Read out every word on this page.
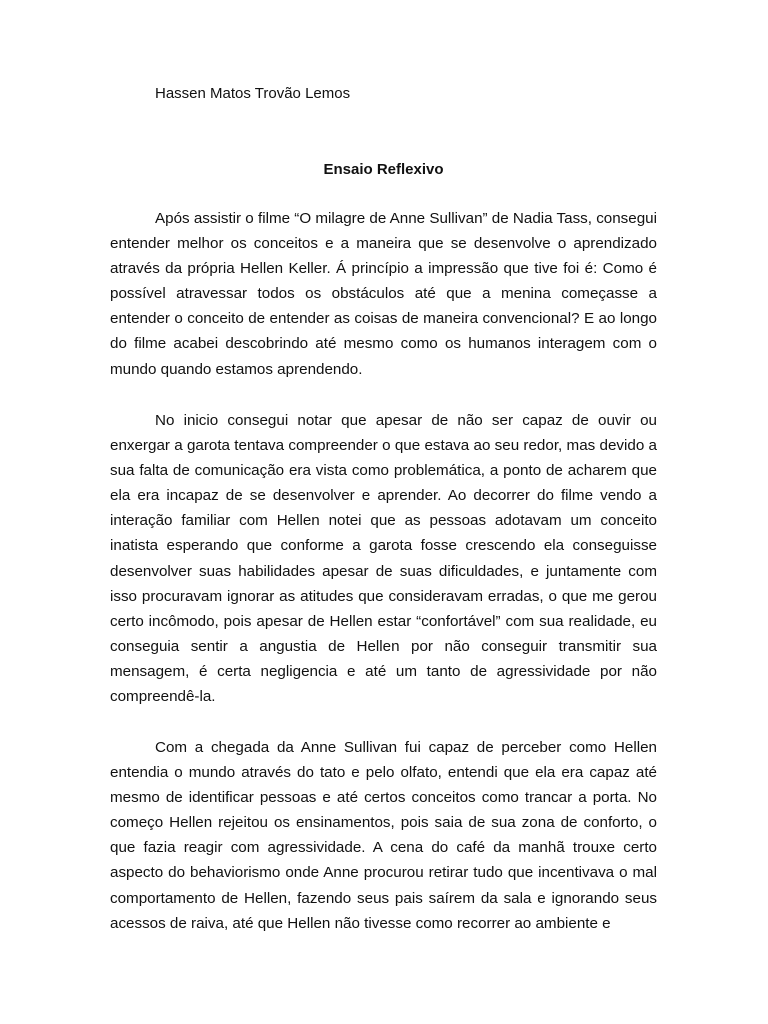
Hassen Matos Trovão Lemos
Ensaio Reflexivo

Após assistir o filme “O milagre de Anne Sullivan” de Nadia Tass, consegui entender melhor os conceitos e a maneira que se desenvolve o aprendizado através da própria Hellen Keller. Á princípio a impressão que tive foi é: Como é possível atravessar todos os obstáculos até que a menina começasse a entender o conceito de entender as coisas de maneira convencional? E ao longo do filme acabei descobrindo até mesmo como os humanos interagem com o mundo quando estamos aprendendo.

No inicio consegui notar que apesar de não ser capaz de ouvir ou enxergar a garota tentava compreender o que estava ao seu redor, mas devido a sua falta de comunicação era vista como problemática, a ponto de acharem que ela era incapaz de se desenvolver e aprender. Ao decorrer do filme vendo a interação familiar com Hellen notei que as pessoas adotavam um conceito inatista esperando que conforme a garota fosse crescendo ela conseguisse desenvolver suas habilidades apesar de suas dificuldades, e juntamente com isso procuravam ignorar as atitudes que consideravam erradas, o que me gerou certo incômodo, pois apesar de Hellen estar “confortável” com sua realidade, eu conseguia sentir a angustia de Hellen por não conseguir transmitir sua mensagem, é certa negligencia e até um tanto de agressividade por não compreendê-la.

Com a chegada da Anne Sullivan fui capaz de perceber como Hellen entendia o mundo através do tato e pelo olfato, entendi que ela era capaz até mesmo de identificar pessoas e até certos conceitos como trancar a porta. No começo Hellen rejeitou os ensinamentos, pois saia de sua zona de conforto, o que fazia reagir com agressividade. A cena do café da manhã trouxe certo aspecto do behaviorismo onde Anne procurou retirar tudo que incentivava o mal comportamento de Hellen, fazendo seus pais saírem da sala e ignorando seus acessos de raiva, até que Hellen não tivesse como recorrer ao ambiente e
